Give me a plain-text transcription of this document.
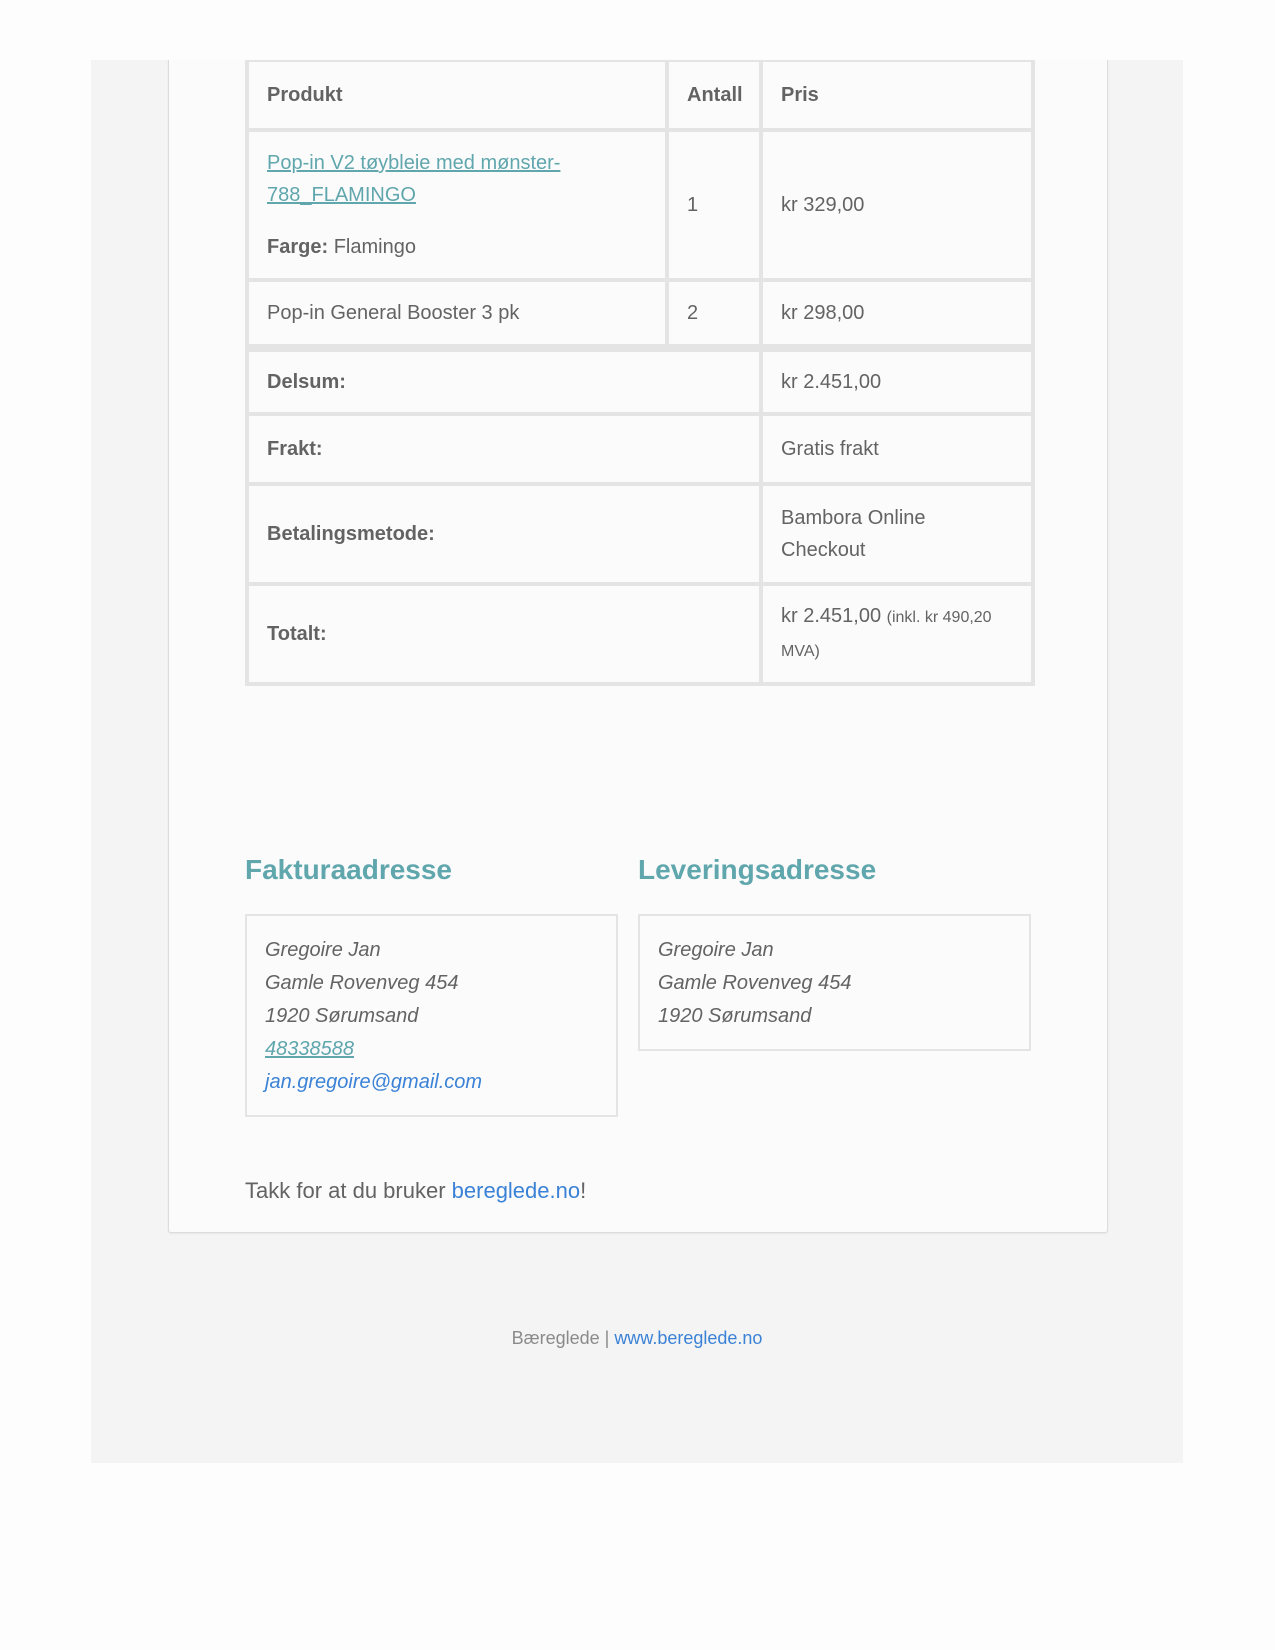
Produkt	Antall	Pris
Pop-in V2 tøybleie med mønster-788_FLAMINGO
Farge: Flamingo	1	kr 329,00
Pop-in General Booster 3 pk	2	kr 298,00
Delsum:		kr 2.451,00
Frakt:		Gratis frakt
Betalingsmetode:		Bambora Online Checkout
Totalt:		kr 2.451,00 (inkl. kr 490,20 MVA)
Fakturaadresse
Gregoire Jan
Gamle Rovenveg 454
1920 Sørumsand
48338588
jan.gregoire@gmail.com
Leveringsadresse
Gregoire Jan
Gamle Rovenveg 454
1920 Sørumsand
Takk for at du bruker bereglede.no!
Bæreglede | www.bereglede.no
